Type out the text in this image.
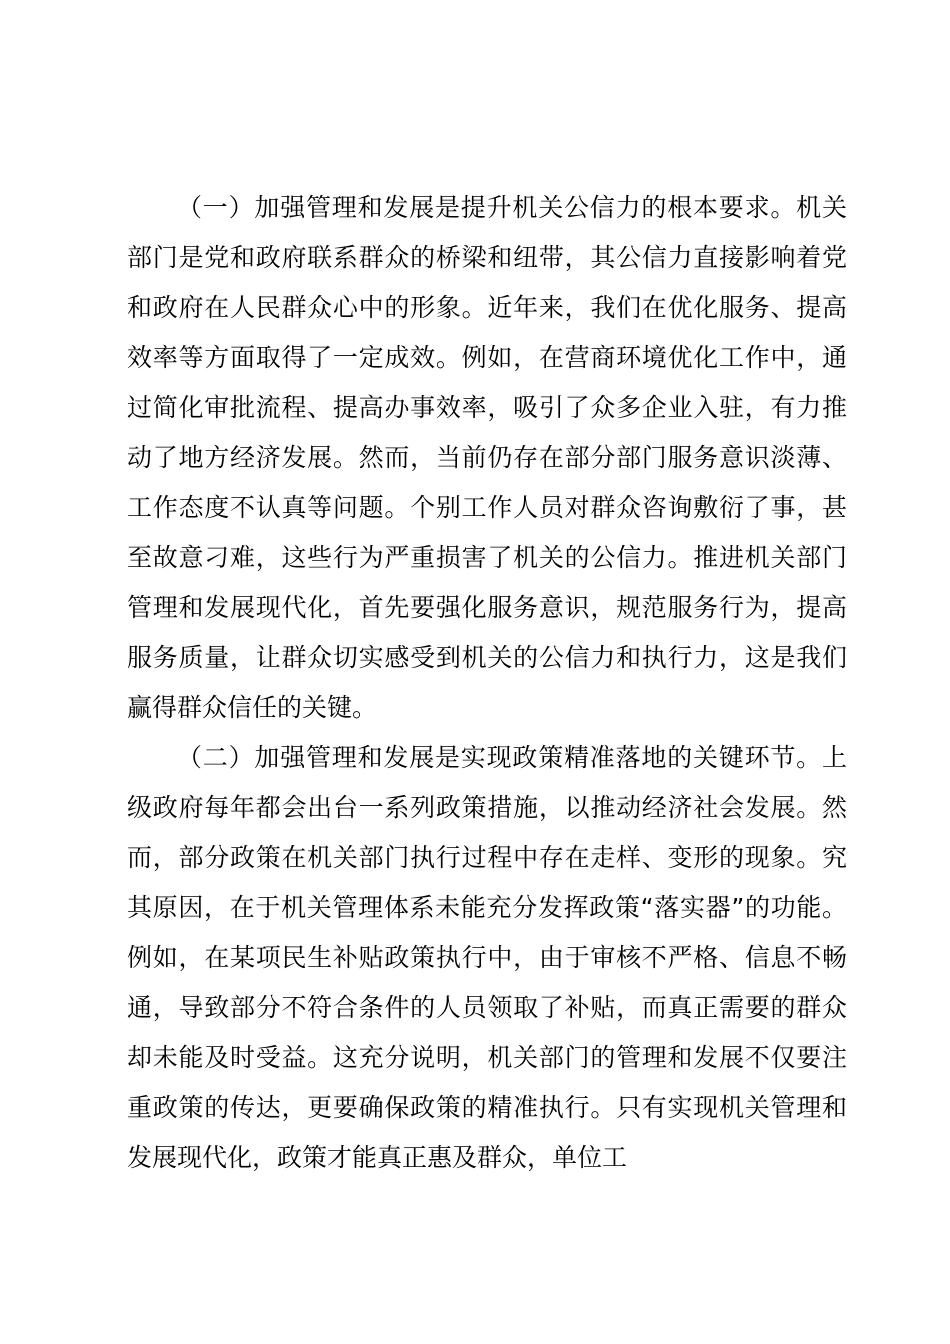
（一）加强管理和发展是提升机关公信力的根本要求。机关部门是党和政府联系群众的桥梁和纽带，其公信力直接影响着党和政府在人民群众心中的形象。近年来，我们在优化服务、提高效率等方面取得了一定成效。例如，在营商环境优化工作中，通过简化审批流程、提高办事效率，吸引了众多企业入驻，有力推动了地方经济发展。然而，当前仍存在部分部门服务意识淡薄、工作态度不认真等问题。个别工作人员对群众咨询敷衍了事，甚至故意刁难，这些行为严重损害了机关的公信力。推进机关部门管理和发展现代化，首先要强化服务意识，规范服务行为，提高服务质量，让群众切实感受到机关的公信力和执行力，这是我们赢得群众信任的关键。

（二）加强管理和发展是实现政策精准落地的关键环节。上级政府每年都会出台一系列政策措施，以推动经济社会发展。然而，部分政策在机关部门执行过程中存在走样、变形的现象。究其原因，在于机关管理体系未能充分发挥政策“落实器”的功能。例如，在某项民生补贴政策执行中，由于审核不严格、信息不畅通，导致部分不符合条件的人员领取了补贴，而真正需要的群众却未能及时受益。这充分说明，机关部门的管理和发展不仅要注重政策的传达，更要确保政策的精准执行。只有实现机关管理和发展现代化，政策才能真正惠及群众，单位工
